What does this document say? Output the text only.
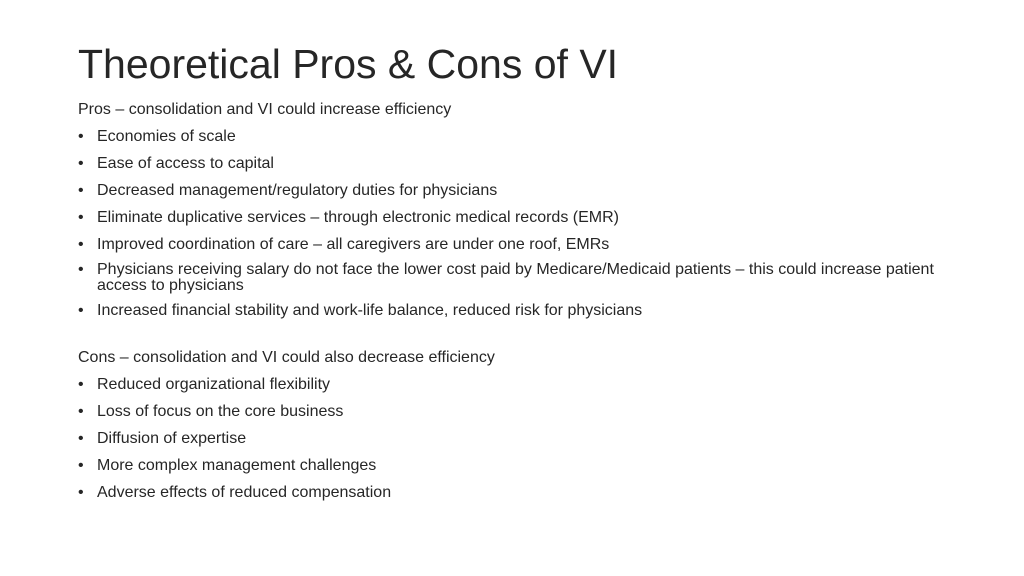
Theoretical Pros & Cons of VI
Pros – consolidation and VI could increase efficiency
• Economies of scale
• Ease of access to capital
• Decreased management/regulatory duties for physicians
• Eliminate duplicative services – through electronic medical records (EMR)
• Improved coordination of care – all caregivers are under one roof, EMRs
• Physicians receiving salary do not face the lower cost paid by Medicare/Medicaid patients – this could increase patient access to physicians
• Increased financial stability and work-life balance, reduced risk for physicians
Cons – consolidation and VI could also decrease efficiency
• Reduced organizational flexibility
• Loss of focus on the core business
• Diffusion of expertise
• More complex management challenges
• Adverse effects of reduced compensation
